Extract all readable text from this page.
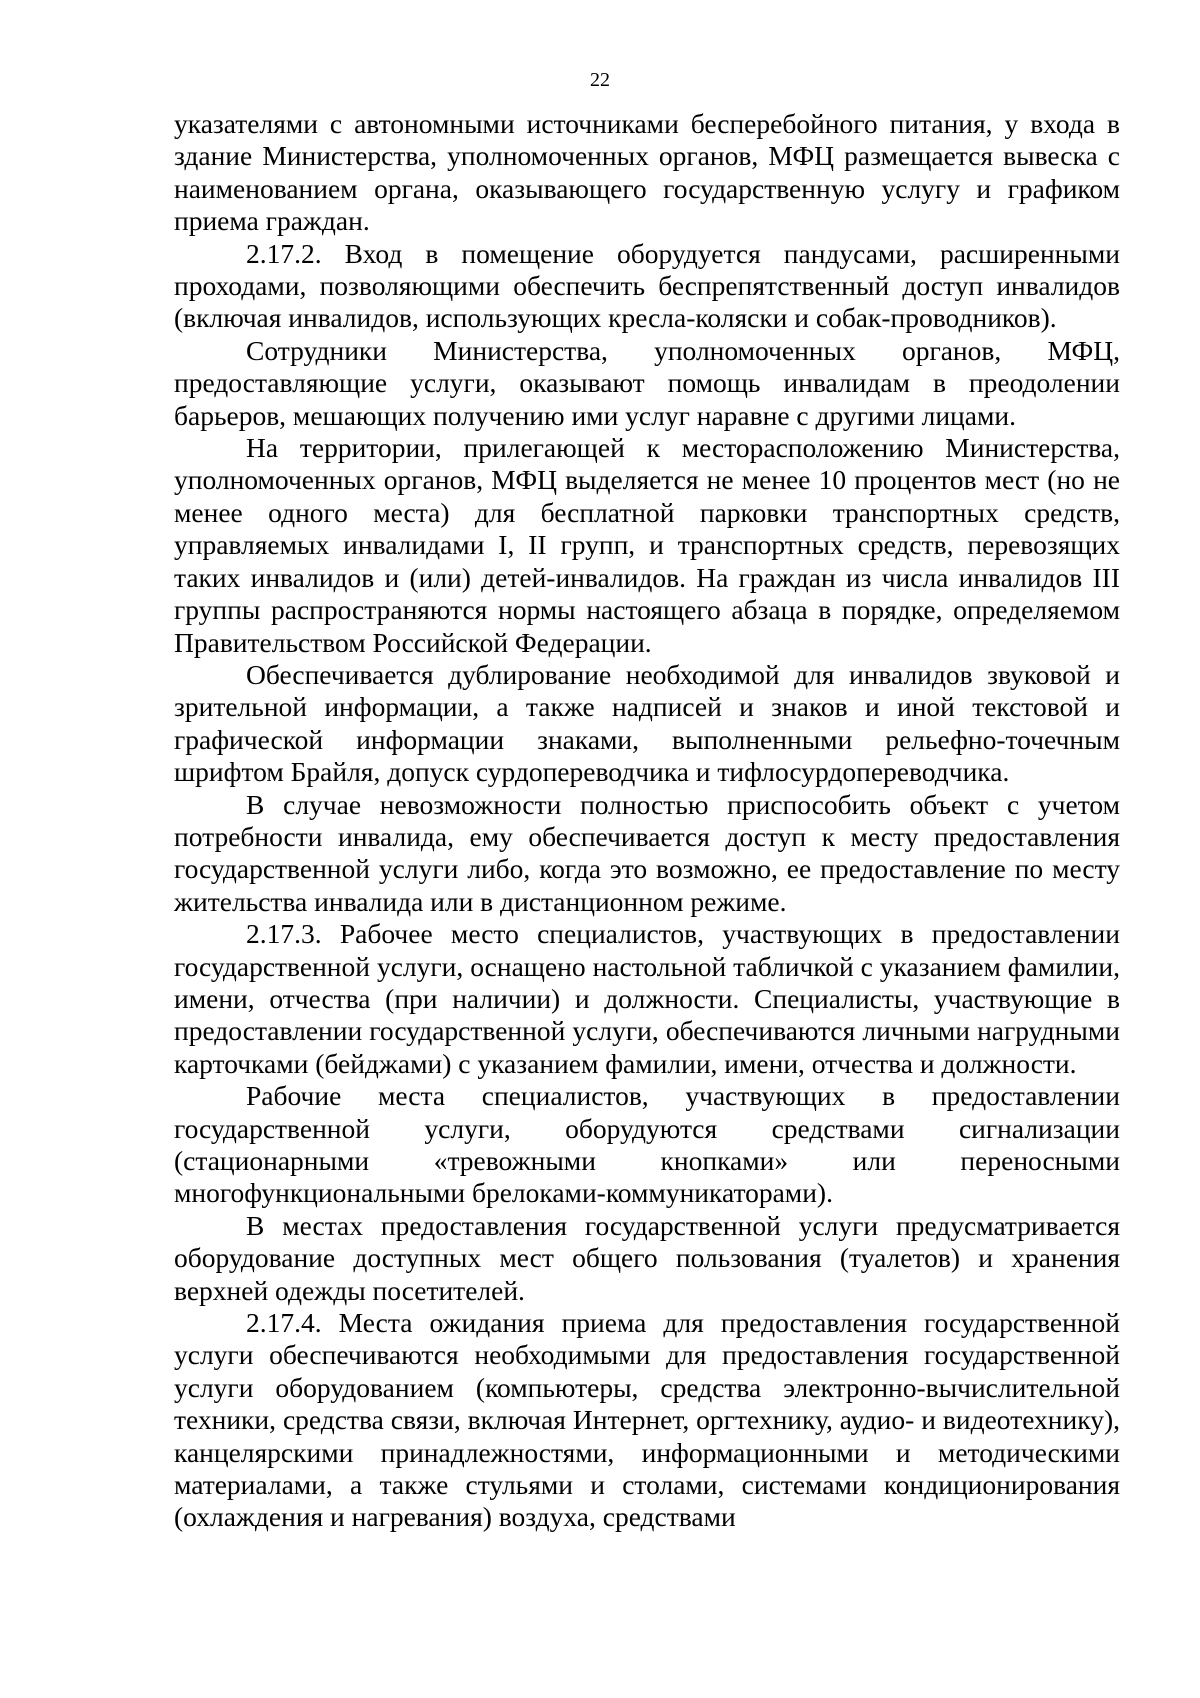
22

указателями с автономными источниками бесперебойного питания, у входа в здание Министерства, уполномоченных органов, МФЦ размещается вывеска с наименованием органа, оказывающего государственную услугу и графиком приема граждан.

2.17.2. Вход в помещение оборудуется пандусами, расширенными проходами, позволяющими обеспечить беспрепятственный доступ инвалидов (включая инвалидов, использующих кресла-коляски и собак-проводников).

Сотрудники Министерства, уполномоченных органов, МФЦ, предоставляющие услуги, оказывают помощь инвалидам в преодолении барьеров, мешающих получению ими услуг наравне с другими лицами.

На территории, прилегающей к месторасположению Министерства, уполномоченных органов, МФЦ выделяется не менее 10 процентов мест (но не менее одного места) для бесплатной парковки транспортных средств, управляемых инвалидами I, II групп, и транспортных средств, перевозящих таких инвалидов и (или) детей-инвалидов. На граждан из числа инвалидов III группы распространяются нормы настоящего абзаца в порядке, определяемом Правительством Российской Федерации.

Обеспечивается дублирование необходимой для инвалидов звуковой и зрительной информации, а также надписей и знаков и иной текстовой и графической информации знаками, выполненными рельефно-точечным шрифтом Брайля, допуск сурдопереводчика и тифлосурдопереводчика.

В случае невозможности полностью приспособить объект с учетом потребности инвалида, ему обеспечивается доступ к месту предоставления государственной услуги либо, когда это возможно, ее предоставление по месту жительства инвалида или в дистанционном режиме.

2.17.3. Рабочее место специалистов, участвующих в предоставлении государственной услуги, оснащено настольной табличкой с указанием фамилии, имени, отчества (при наличии) и должности. Специалисты, участвующие в предоставлении государственной услуги, обеспечиваются личными нагрудными карточками (бейджами) с указанием фамилии, имени, отчества и должности.

Рабочие места специалистов, участвующих в предоставлении государственной услуги, оборудуются средствами сигнализации (стационарными «тревожными кнопками» или переносными многофункциональными брелоками-коммуникаторами).

В местах предоставления государственной услуги предусматривается оборудование доступных мест общего пользования (туалетов) и хранения верхней одежды посетителей.

2.17.4. Места ожидания приема для предоставления государственной услуги обеспечиваются необходимыми для предоставления государственной услуги оборудованием (компьютеры, средства электронно-вычислительной техники, средства связи, включая Интернет, оргтехнику, аудио- и видеотехнику), канцелярскими принадлежностями, информационными и методическими материалами, а также стульями и столами, системами кондиционирования (охлаждения и нагревания) воздуха, средствами
